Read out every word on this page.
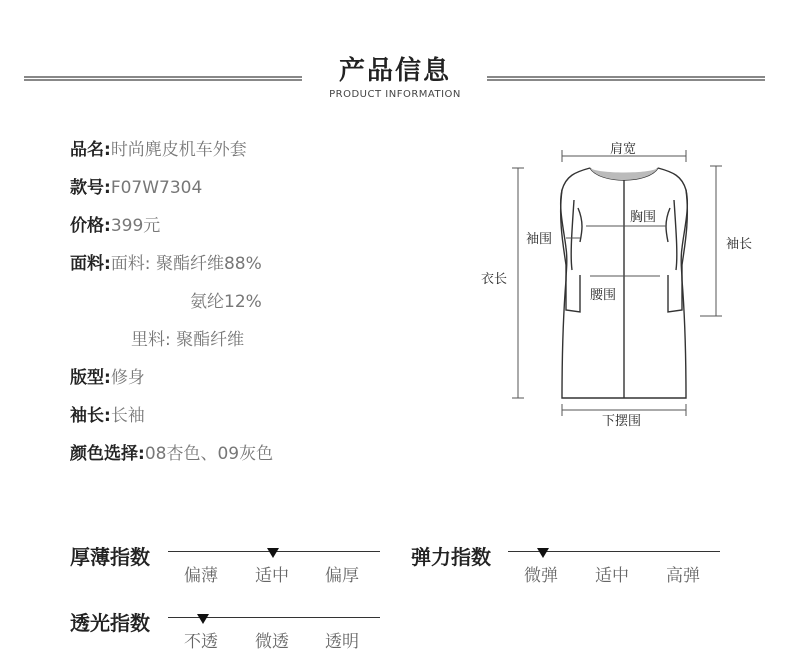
产品信息
PRODUCT INFORMATION
品名:时尚麂皮机车外套
款号:F07W7304
价格:399元
面料:面料: 聚酯纤维88%
氨纶12%
里料: 聚酯纤维
版型:修身
袖长:长袖
颜色选择:08杏色、09灰色
肩宽
胸围
袖围	袖长
衣长
腰围
下摆围
厚薄指数
偏薄 适中 偏厚
弹力指数
微弹 适中 高弹
透光指数
不透 微透 透明
